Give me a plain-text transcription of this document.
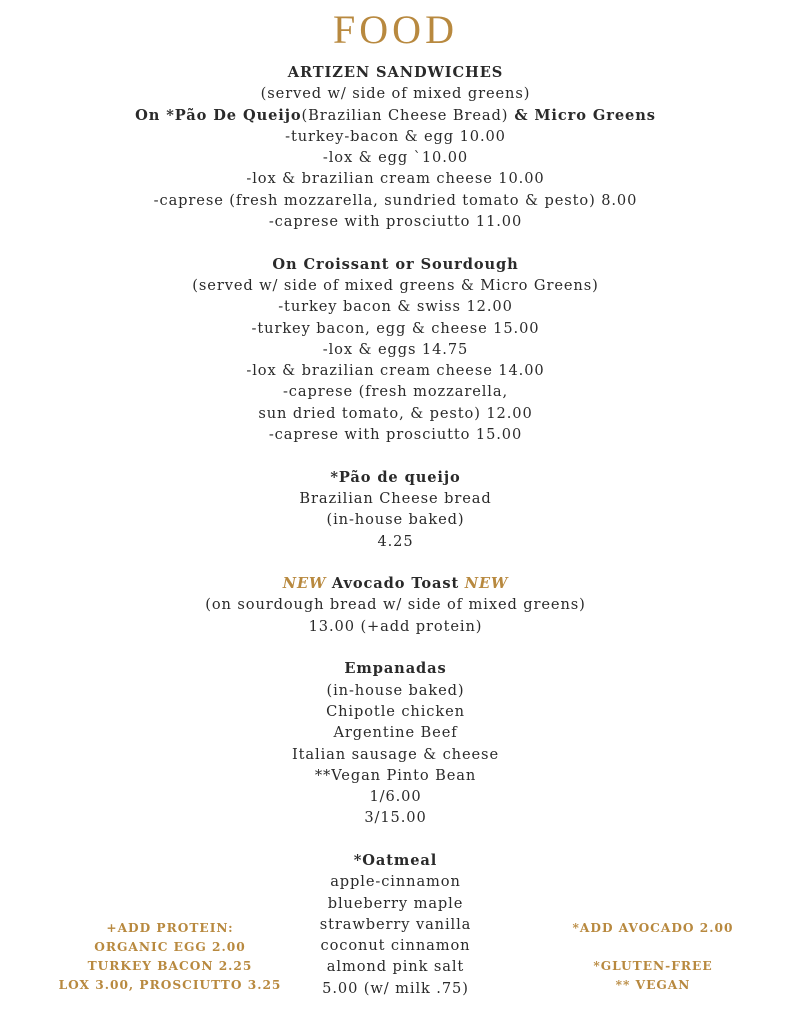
FOOD
ARTIZEN SANDWICHES
(served w/ side of mixed greens)
On *Pão De Queijo(Brazilian Cheese Bread) & Micro Greens
-turkey-bacon & egg 10.00
-lox & egg `10.00
-lox & brazilian cream cheese 10.00
-caprese (fresh mozzarella, sundried tomato & pesto) 8.00
-caprese with prosciutto 11.00
On Croissant or Sourdough
(served w/ side of mixed greens & Micro Greens)
-turkey bacon & swiss 12.00
-turkey bacon, egg & cheese 15.00
-lox & eggs 14.75
-lox & brazilian cream cheese 14.00
-caprese (fresh mozzarella,
sun dried tomato, & pesto) 12.00
-caprese with prosciutto 15.00
*Pão de queijo
Brazilian Cheese bread
(in-house baked)
4.25
NEW Avocado Toast NEW
(on sourdough bread w/ side of mixed greens)
13.00 (+add protein)
Empanadas
(in-house baked)
Chipotle chicken
Argentine Beef
Italian sausage & cheese
**Vegan Pinto Bean
1/6.00
3/15.00
*Oatmeal
apple-cinnamon
blueberry maple
strawberry vanilla
coconut cinnamon
almond pink salt
5.00 (w/ milk .75)
+ADD PROTEIN:
ORGANIC EGG 2.00
TURKEY BACON 2.25
LOX 3.00, PROSCIUTTO 3.25
*ADD AVOCADO 2.00
*GLUTEN-FREE
** VEGAN
